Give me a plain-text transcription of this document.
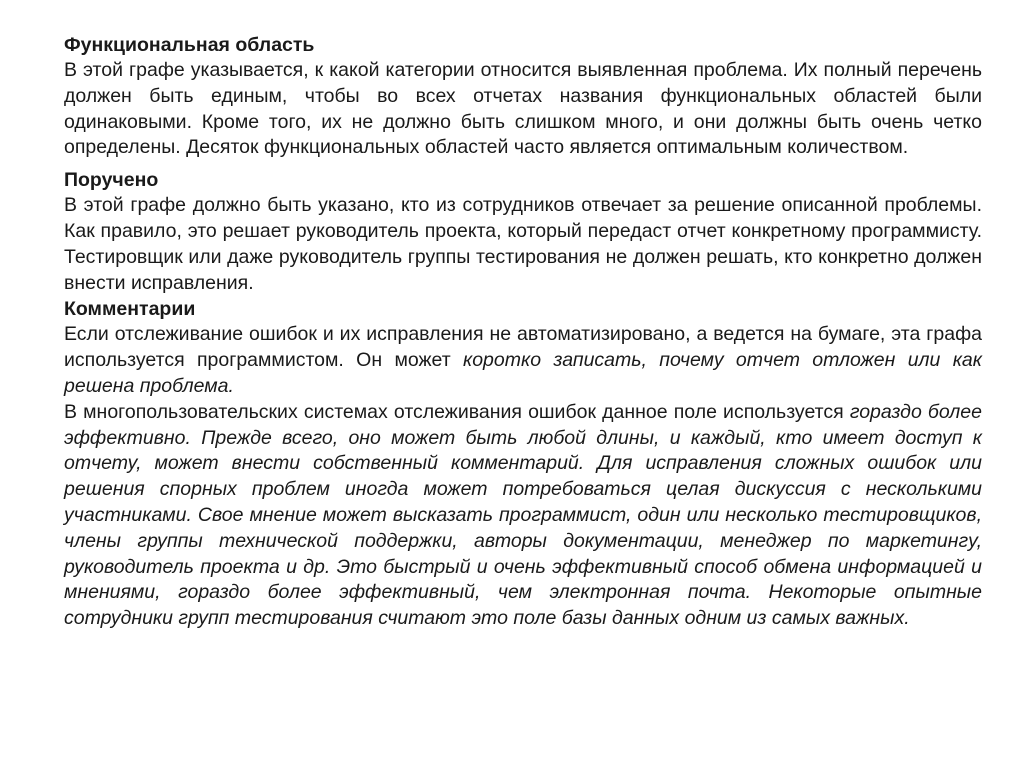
Функциональная область

В этой графе указывается, к какой категории относится выявленная проблема. Их полный перечень должен быть единым, чтобы во всех отчетах названия функциональных областей были одинаковыми. Кроме того, их не должно быть слишком много, и они должны быть очень четко определены. Десяток функциональных областей часто является оптимальным количеством.

Поручено

В этой графе должно быть указано, кто из сотрудников отвечает за решение описанной проблемы. Как правило, это решает руководитель проекта, который передаст отчет конкретному программисту. Тестировщик или даже руководитель группы тестирования не должен решать, кто конкретно должен внести исправления.

Комментарии

Если отслеживание ошибок и их исправления не автоматизировано, а ведется на бумаге, эта графа используется программистом. Он может коротко записать, почему отчет отложен или как решена проблема.

В многопользовательских системах отслеживания ошибок данное поле используется гораздо более эффективно. Прежде всего, оно может быть любой длины, и каждый, кто имеет доступ к отчету, может внести собственный комментарий. Для исправления сложных ошибок или решения спорных проблем иногда может потребоваться целая дискуссия с несколькими участниками. Свое мнение может высказать программист, один или несколько тестировщиков, члены группы технической поддержки, авторы документации, менеджер по маркетингу, руководитель проекта и др. Это быстрый и очень эффективный способ обмена информацией и мнениями, гораздо более эффективный, чем электронная почта. Некоторые опытные сотрудники групп тестирования считают это поле базы данных одним из самых важных.
